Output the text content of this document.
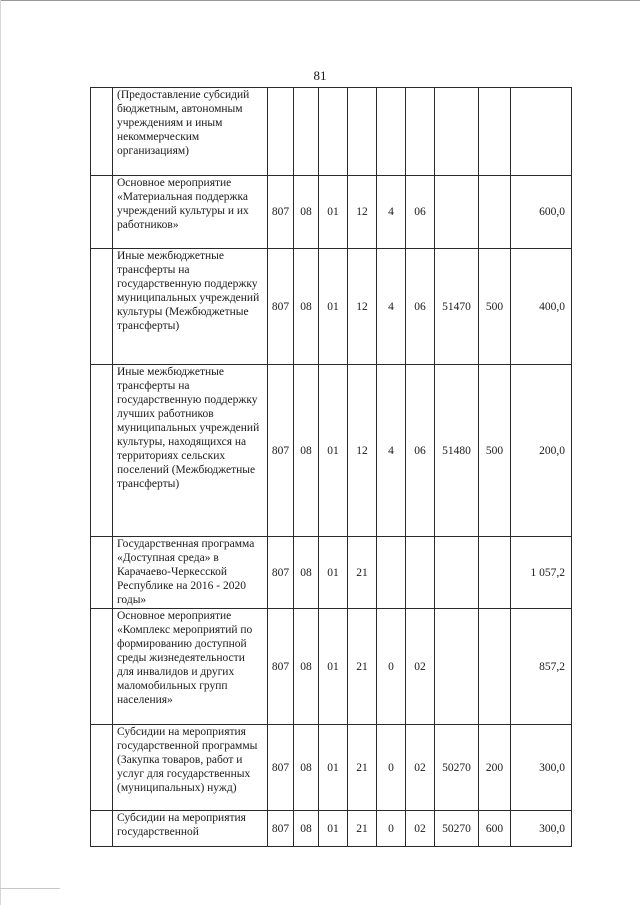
81
	(Предоставление субсидий бюджетным, автономным учреждениям и иным некоммерческим организациям)									
	Основное мероприятие «Материальная поддержка учреждений культуры и их работников»	807	08	01	12	4	06			600,0
	Иные межбюджетные трансферты на государственную поддержку муниципальных учреждений культуры (Межбюджетные трансферты)	807	08	01	12	4	06	51470	500	400,0
	Иные межбюджетные трансферты на государственную поддержку лучших работников муниципальных учреждений культуры, находящихся на территориях сельских поселений (Межбюджетные трансферты)	807	08	01	12	4	06	51480	500	200,0
	Государственная программа «Доступная среда» в Карачаево-Черкесской Республике на 2016 - 2020 годы»	807	08	01	21					1 057,2
	Основное мероприятие «Комплекс мероприятий по формированию доступной среды жизнедеятельности для инвалидов и других маломобильных групп населения»	807	08	01	21	0	02			857,2
	Субсидии на мероприятия государственной программы (Закупка товаров, работ и услуг для государственных (муниципальных) нужд)	807	08	01	21	0	02	50270	200	300,0
	Субсидии на мероприятия государственной	807	08	01	21	0	02	50270	600	300,0
